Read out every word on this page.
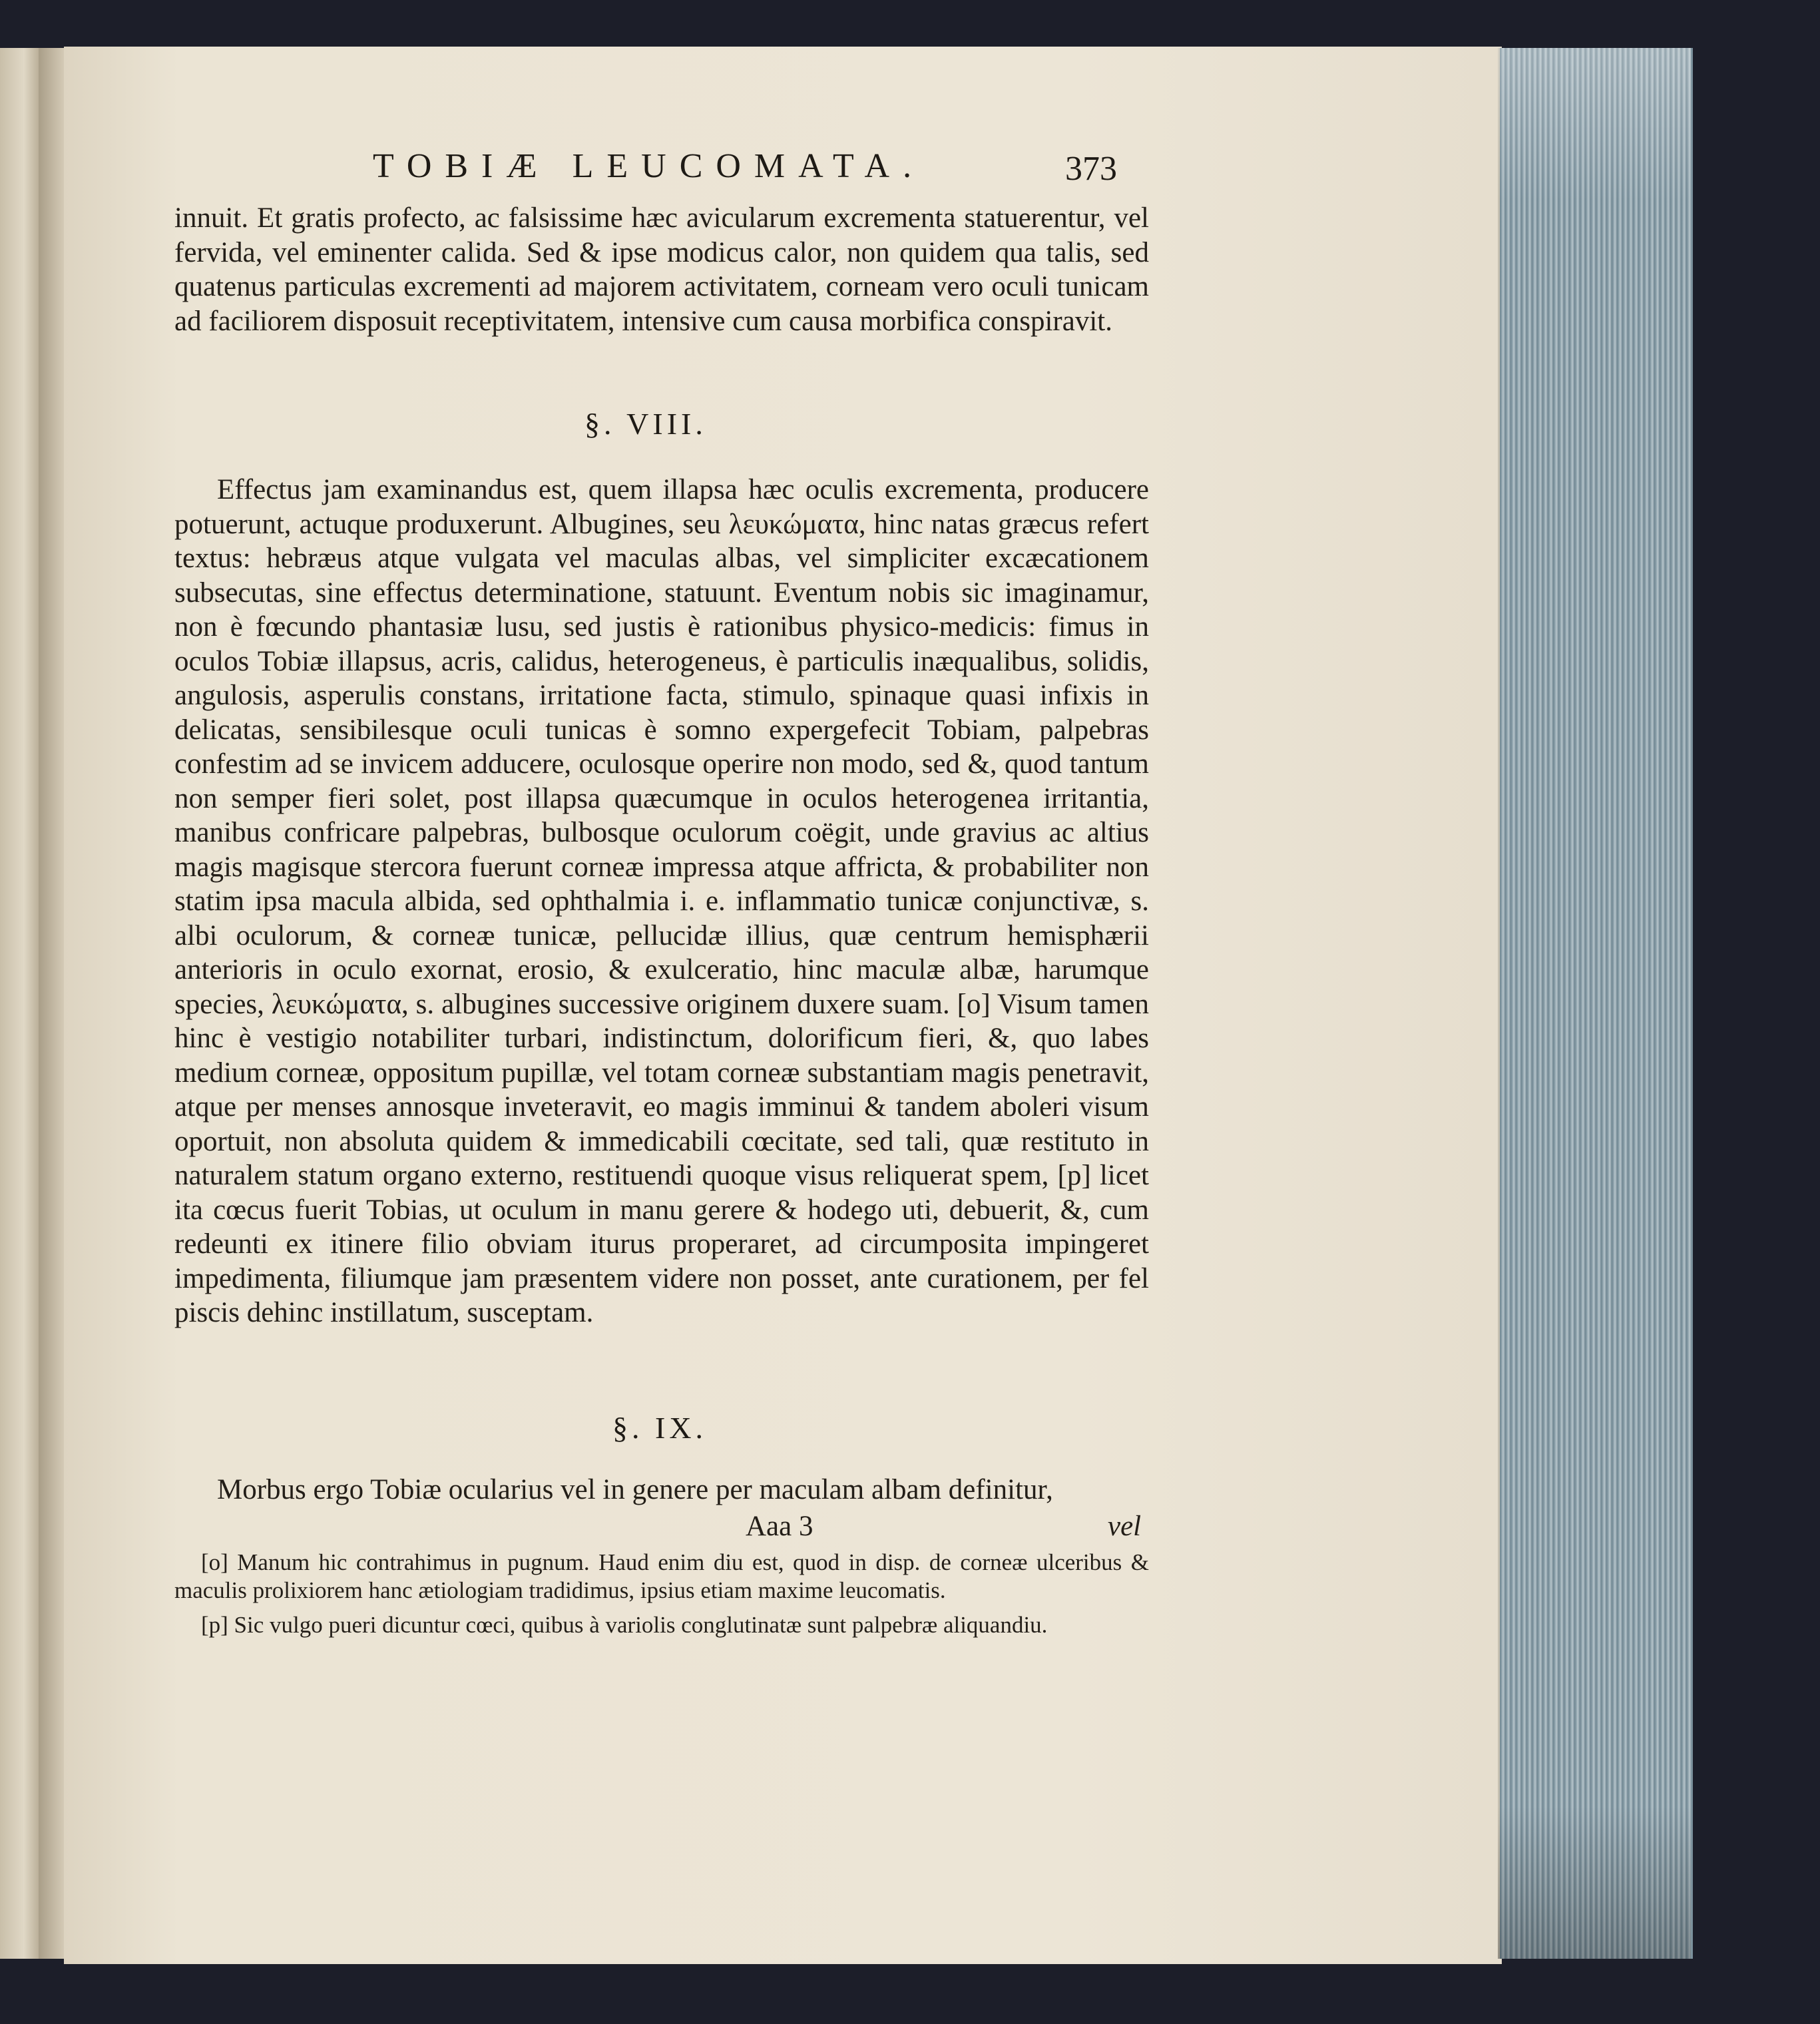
TOBIÆ LEUCOMATA.	373

innuit. Et gratis profecto, ac falsissime hæc avicularum excrementa statuerentur, vel fervida, vel eminenter calida. Sed & ipse modicus calor, non quidem qua talis, sed quatenus particulas excrementi ad majorem activitatem, corneam vero oculi tunicam ad faciliorem disposuit receptivitatem, intensive cum causa morbifica conspiravit.

§. VIII.

Effectus jam examinandus est, quem illapsa hæc oculis excrementa, producere potuerunt, actuque produxerunt. Albugines, seu λευκώματα, hinc natas græcus refert textus: hebræus atque vulgata vel maculas albas, vel simpliciter excæcationem subsecutas, sine effectus determinatione, statuunt. Eventum nobis sic imaginamur, non è fœcundo phantasiæ lusu, sed justis è rationibus physico-medicis: fimus in oculos Tobiæ illapsus, acris, calidus, heterogeneus, è particulis inæqualibus, solidis, angulosis, asperulis constans, irritatione facta, stimulo, spinaque quasi infixis in delicatas, sensibilesque oculi tunicas è somno expergefecit Tobiam, palpebras confestim ad se invicem adducere, oculosque operire non modo, sed &, quod tantum non semper fieri solet, post illapsa quæcumque in oculos heterogenea irritantia, manibus confricare palpebras, bulbosque oculorum coëgit, unde gravius ac altius magis magisque stercora fuerunt corneæ impressa atque affricta, & probabiliter non statim ipsa macula albida, sed ophthalmia i. e. inflammatio tunicæ conjunctivæ, s. albi oculorum, & corneæ tunicæ, pellucidæ illius, quæ centrum hemisphærii anterioris in oculo exornat, erosio, & exulceratio, hinc maculæ albæ, harumque species, λευκώματα, s. albugines successive originem duxere suam. [o] Visum tamen hinc è vestigio notabiliter turbari, indistinctum, dolorificum fieri, &, quo labes medium corneæ, oppositum pupillæ, vel totam corneæ substantiam magis penetravit, atque per menses annosque inveteravit, eo magis imminui & tandem aboleri visum oportuit, non absoluta quidem & immedicabili cœcitate, sed tali, quæ restituto in naturalem statum organo externo, restituendi quoque visus reliquerat spem, [p] licet ita cœcus fuerit Tobias, ut oculum in manu gerere & hodego uti, debuerit, &, cum redeunti ex itinere filio obviam iturus properaret, ad circumposita impingeret impedimenta, filiumque jam præsentem videre non posset, ante curationem, per fel piscis dehinc instillatum, susceptam.

§. IX.

Morbus ergo Tobiæ ocularius vel in genere per maculam albam definitur,

Aaa 3	vel

[o] Manum hic contrahimus in pugnum. Haud enim diu est, quod in disp. de corneæ ulceribus & maculis prolixiorem hanc ætiologiam tradidimus, ipsius etiam maxime leucomatis.

[p] Sic vulgo pueri dicuntur cœci, quibus à variolis conglutinatæ sunt palpebræ aliquandiu.
